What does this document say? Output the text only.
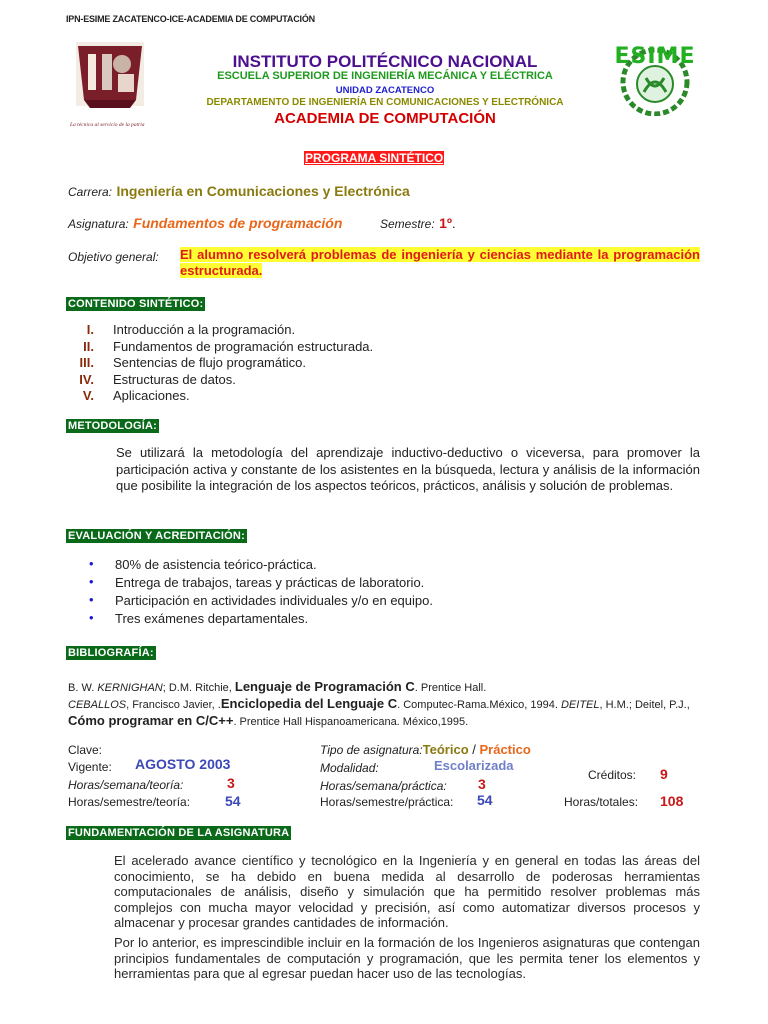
IPN-ESIME ZACATENCO-ICE-ACADEMIA DE COMPUTACIÓN
La técnica al servicio de la patria
ESIME
INSTITUTO POLITÉCNICO NACIONAL
ESCUELA SUPERIOR DE INGENIERÍA MECÁNICA Y ELÉCTRICA
UNIDAD ZACATENCO
DEPARTAMENTO DE INGENIERÍA EN COMUNICACIONES Y ELECTRÓNICA
ACADEMIA DE COMPUTACIÓN
PROGRAMA SINTÉTICO
Carrera: Ingeniería en Comunicaciones y Electrónica
Asignatura: Fundamentos de programación	Semestre: 1º.
Objetivo general: El alumno resolverá problemas de ingeniería y ciencias mediante la programación estructurada.
CONTENIDO SINTÉTICO:
I. Introducción a la programación.
II. Fundamentos de programación estructurada.
III. Sentencias de flujo programático.
IV. Estructuras de datos.
V. Aplicaciones.
METODOLOGÍA:
Se utilizará la metodología del aprendizaje inductivo-deductivo o viceversa, para promover la participación activa y constante de los asistentes en la búsqueda, lectura y análisis de la información que posibilite la integración de los aspectos teóricos, prácticos, análisis y solución de problemas.
EVALUACIÓN Y ACREDITACIÓN:
• 80% de asistencia teórico-práctica.
• Entrega de trabajos, tareas y prácticas de laboratorio.
• Participación en actividades individuales y/o en equipo.
• Tres exámenes departamentales.
BIBLIOGRAFÍA:
B. W. KERNIGHAN; D.M. Ritchie, Lenguaje de Programación C. Prentice Hall.
CEBALLOS, Francisco Javier, .Enciclopedia del Lenguaje C. Computec-Rama.México, 1994. DEITEL, H.M.; Deitel, P.J., Cómo programar en C/C++. Prentice Hall Hispanoamericana. México,1995.
Clave:
Vigente: AGOSTO 2003
Horas/semana/teoría:	3
Horas/semestre/teoría: 54
Tipo de asignatura:Teórico / Práctico
Modalidad:	Escolarizada
Horas/semana/práctica: 3
Horas/semestre/práctica: 54
Créditos: 9
Horas/totales: 108
FUNDAMENTACIÓN DE LA ASIGNATURA
El acelerado avance científico y tecnológico en la Ingeniería y en general en todas las áreas del conocimiento, se ha debido en buena medida al desarrollo de poderosas herramientas computacionales de análisis, diseño y simulación que ha permitido resolver problemas más complejos con mucha mayor velocidad y precisión, así como automatizar diversos procesos y almacenar y procesar grandes cantidades de información.
Por lo anterior, es imprescindible incluir en la formación de los Ingenieros asignaturas que contengan principios fundamentales de computación y programación, que les permita tener los elementos y herramientas para que al egresar puedan hacer uso de las tecnologías.
